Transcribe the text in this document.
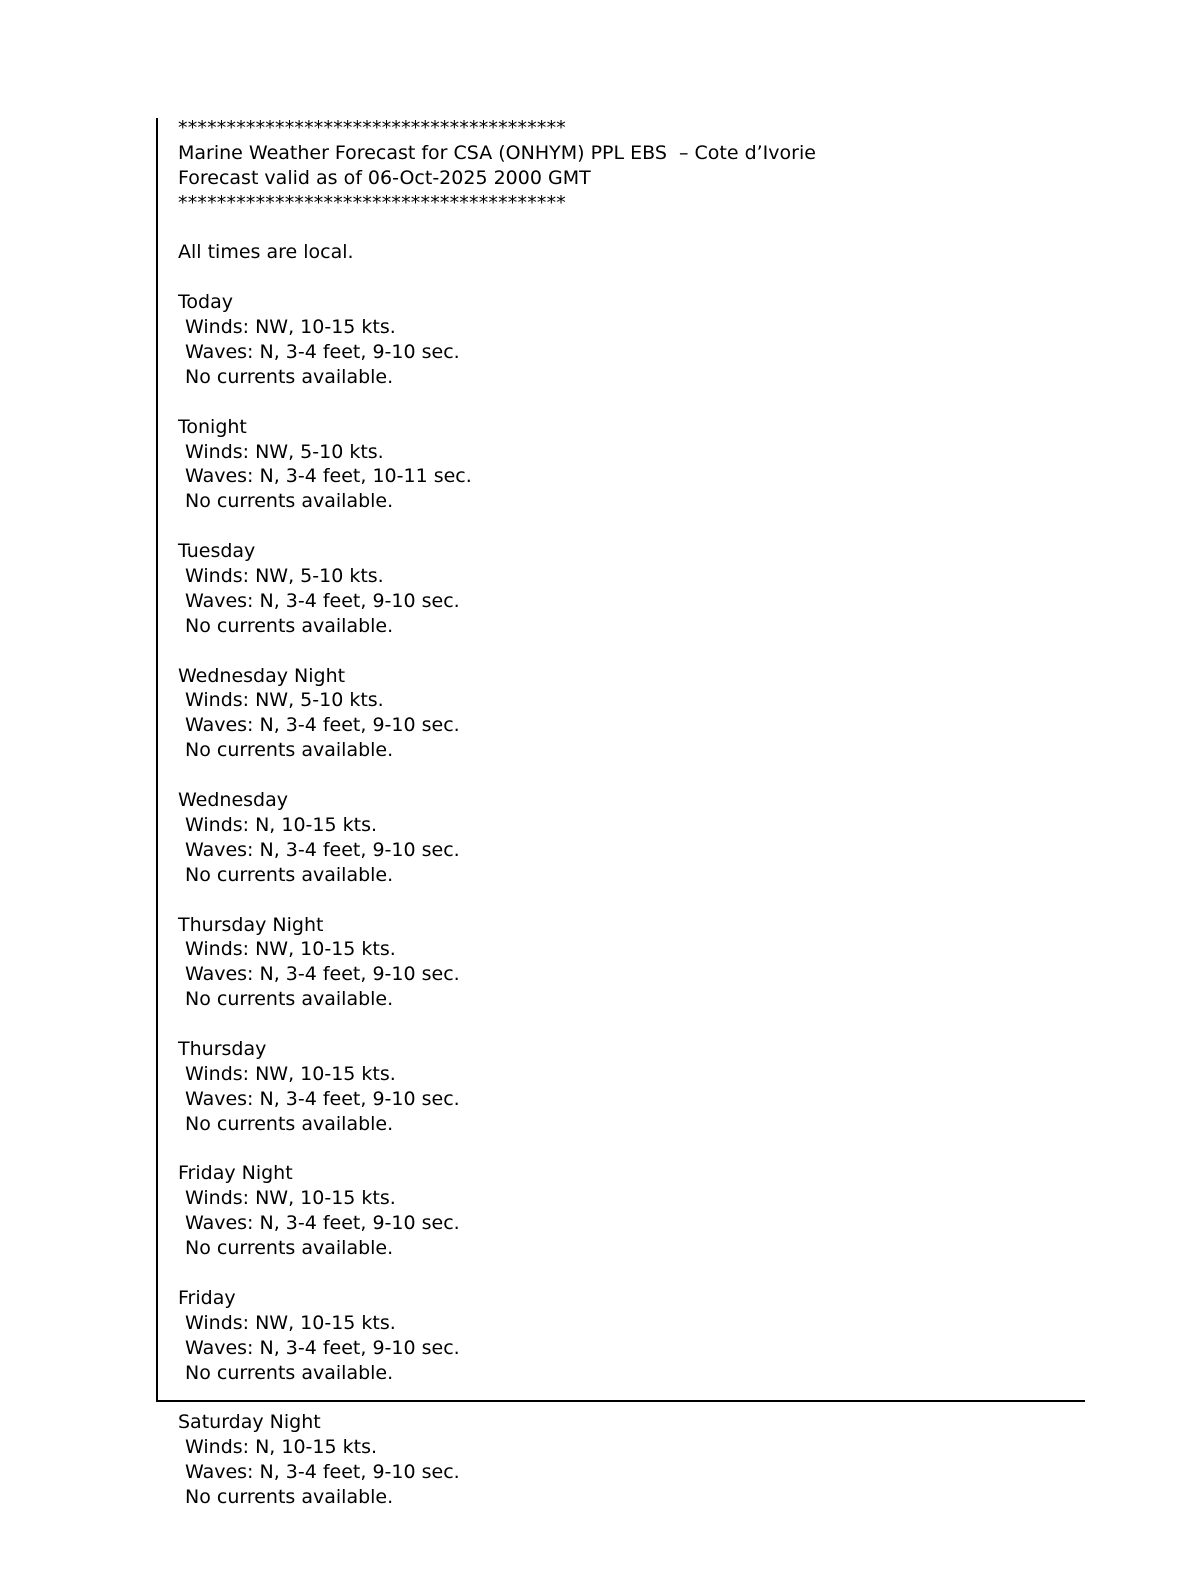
****************************************
Marine Weather Forecast for CSA (ONHYM) PPL EBS  – Cote d’Ivorie
Forecast valid as of 06-Oct-2025 2000 GMT
****************************************
All times are local.
Today
Winds: NW, 10-15 kts.
Waves: N, 3-4 feet, 9-10 sec.
No currents available.
Tonight
Winds: NW, 5-10 kts.
Waves: N, 3-4 feet, 10-11 sec.
No currents available.
Tuesday
Winds: NW, 5-10 kts.
Waves: N, 3-4 feet, 9-10 sec.
No currents available.
Wednesday Night
Winds: NW, 5-10 kts.
Waves: N, 3-4 feet, 9-10 sec.
No currents available.
Wednesday
Winds: N, 10-15 kts.
Waves: N, 3-4 feet, 9-10 sec.
No currents available.
Thursday Night
Winds: NW, 10-15 kts.
Waves: N, 3-4 feet, 9-10 sec.
No currents available.
Thursday
Winds: NW, 10-15 kts.
Waves: N, 3-4 feet, 9-10 sec.
No currents available.
Friday Night
Winds: NW, 10-15 kts.
Waves: N, 3-4 feet, 9-10 sec.
No currents available.
Friday
Winds: NW, 10-15 kts.
Waves: N, 3-4 feet, 9-10 sec.
No currents available.
Saturday Night
Winds: N, 10-15 kts.
Waves: N, 3-4 feet, 9-10 sec.
No currents available.
